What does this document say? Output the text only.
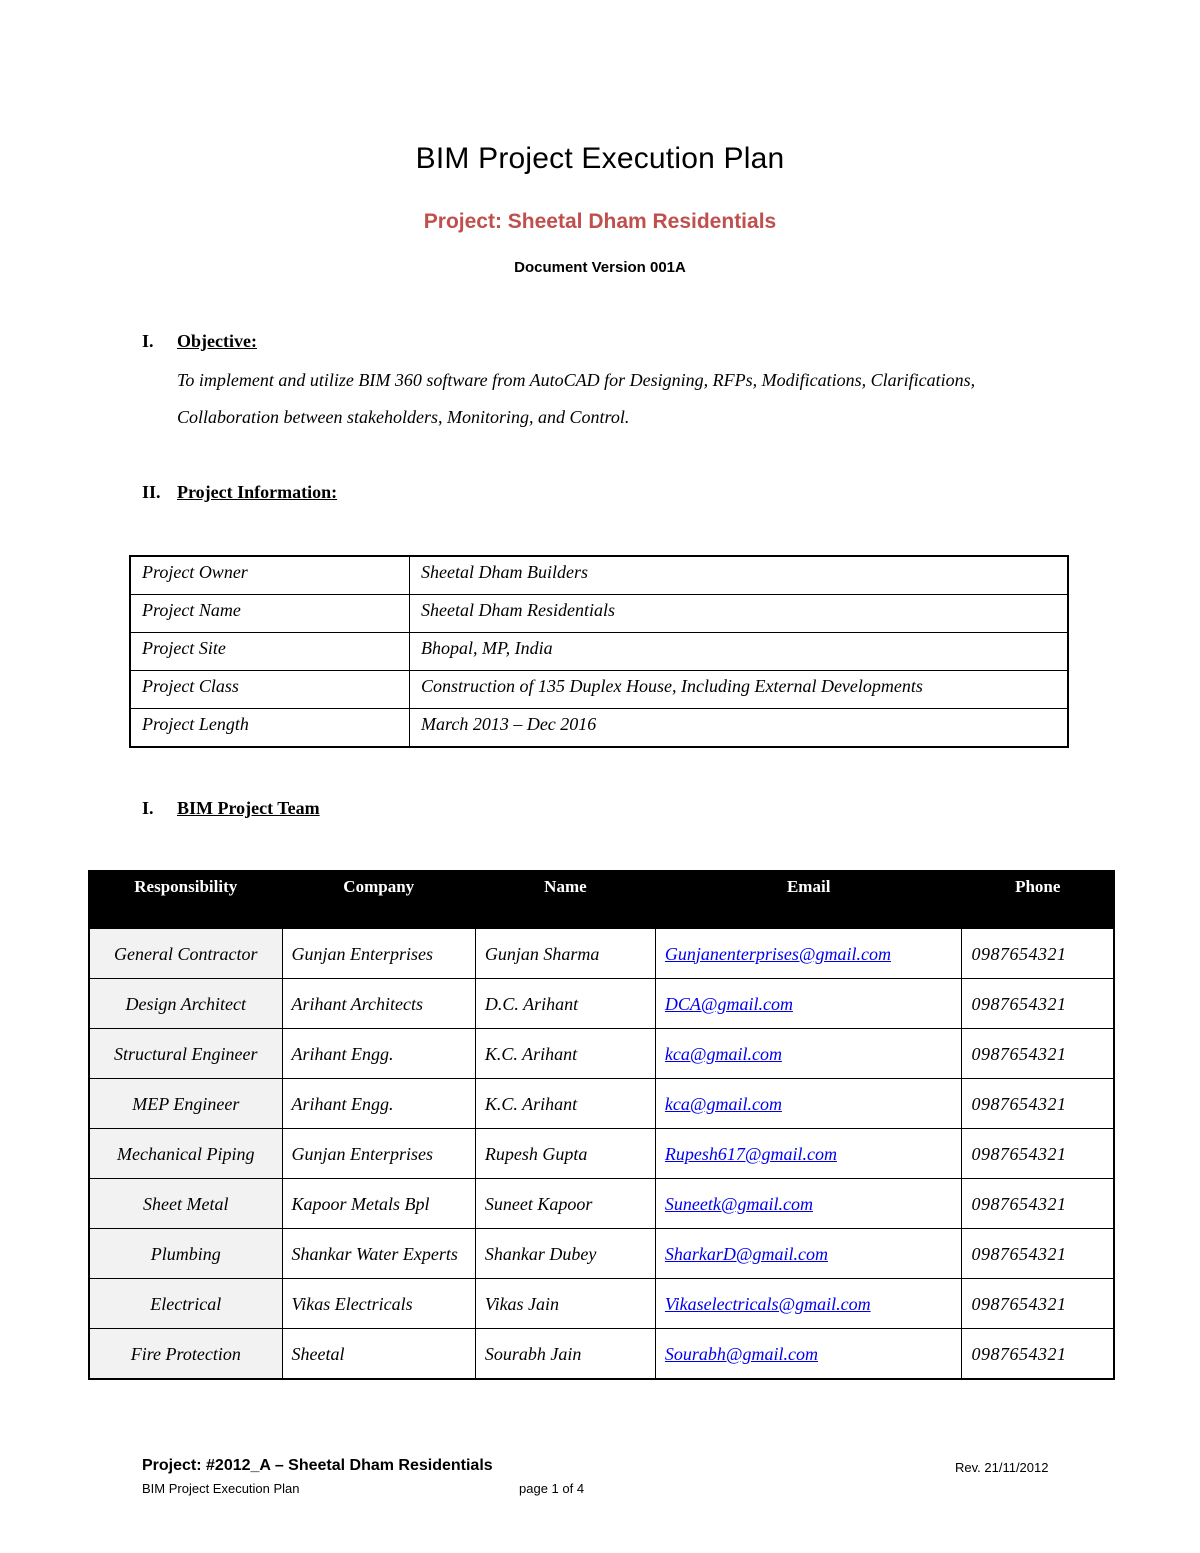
BIM Project Execution Plan
Project: Sheetal Dham Residentials
Document Version 001A
I. Objective:
To implement and utilize BIM 360 software from AutoCAD for Designing, RFPs, Modifications, Clarifications, Collaboration between stakeholders, Monitoring, and Control.
II. Project Information:
Project Owner	Sheetal Dham Builders
Project Name	Sheetal Dham Residentials
Project Site	Bhopal, MP, India
Project Class	Construction of 135 Duplex House, Including External Developments
Project Length	March 2013 – Dec 2016
I. BIM Project Team
Responsibility	Company	Name	Email	Phone
General Contractor	Gunjan Enterprises	Gunjan Sharma	Gunjanenterprises@gmail.com	0987654321
Design Architect	Arihant Architects	D.C. Arihant	DCA@gmail.com	0987654321
Structural Engineer	Arihant Engg.	K.C. Arihant	kca@gmail.com	0987654321
MEP Engineer	Arihant Engg.	K.C. Arihant	kca@gmail.com	0987654321
Mechanical Piping	Gunjan Enterprises	Rupesh Gupta	Rupesh617@gmail.com	0987654321
Sheet Metal	Kapoor Metals Bpl	Suneet Kapoor	Suneetk@gmail.com	0987654321
Plumbing	Shankar Water Experts	Shankar Dubey	SharkarD@gmail.com	0987654321
Electrical	Vikas Electricals	Vikas Jain	Vikaselectricals@gmail.com	0987654321
Fire Protection	Sheetal	Sourabh Jain	Sourabh@gmail.com	0987654321
Project: #2012_A – Sheetal Dham Residentials	Rev. 21/11/2012
BIM Project Execution Plan	page 1 of 4
